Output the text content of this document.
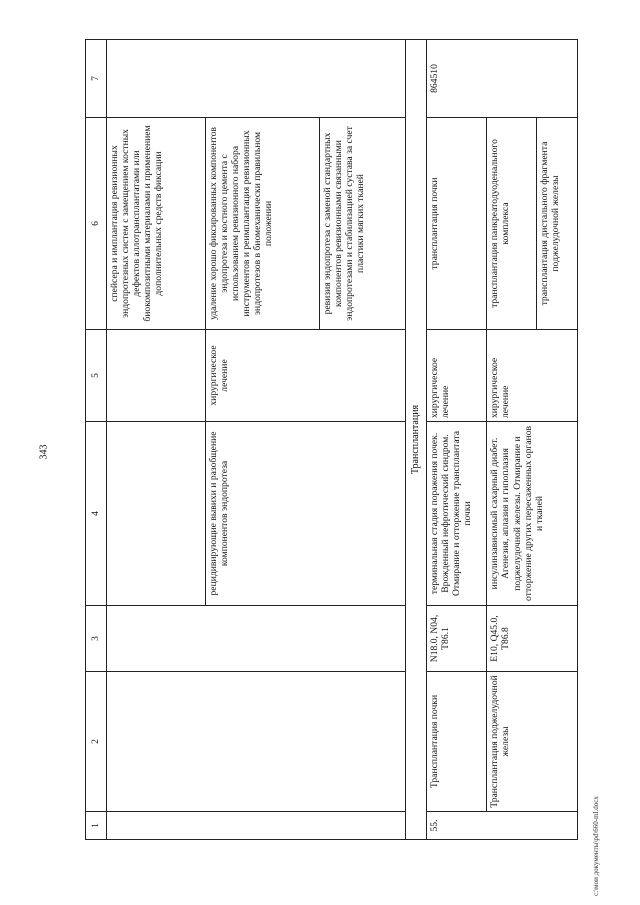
343
c:\мои документы\pd\660-ml.docx
1	2	3	4	5	6	7
					спейсера и имплантация ревизионных эндопротезных систем с замещением костных дефектов аллотрансплантатами или биокомпозитными материалами и применением дополнительных средств фиксации	
			рецидивирующие вывихи и разобщение компонентов эндопротеза	хирургическое лечение	удаление хорошо фиксированных компонентов эндопротеза и костного цемента с использованием ревизионного набора инструментов и реимплантация ревизионных эндопротезов в биомеханически правильном положении	
					ревизия эндопротеза с заменой стандартных компонентов ревизионными связанными эндопротезами и стабилизацией сустава за счет пластики мягких тканей	
Трансплантация						
55.	Трансплантация почки	N18.0, N04, T86.1	терминальная стадия поражения почек. Врожденный нефротический синдром. Отмирание и отторжение трансплантата почки	хирургическое лечение	трансплантация почки	864510
	Трансплантация поджелудочной железы	E10, Q45.0, T86.8	инсулинзависимый сахарный диабет. Агенезия, аплазия и гипоплазия поджелудочной железы. Отмирание и отторжение других пересаженных органов и тканей	хирургическое лечение	трансплантация панкреатодуоденального комплекса	
					трансплантация дистального фрагмента поджелудочной железы	
